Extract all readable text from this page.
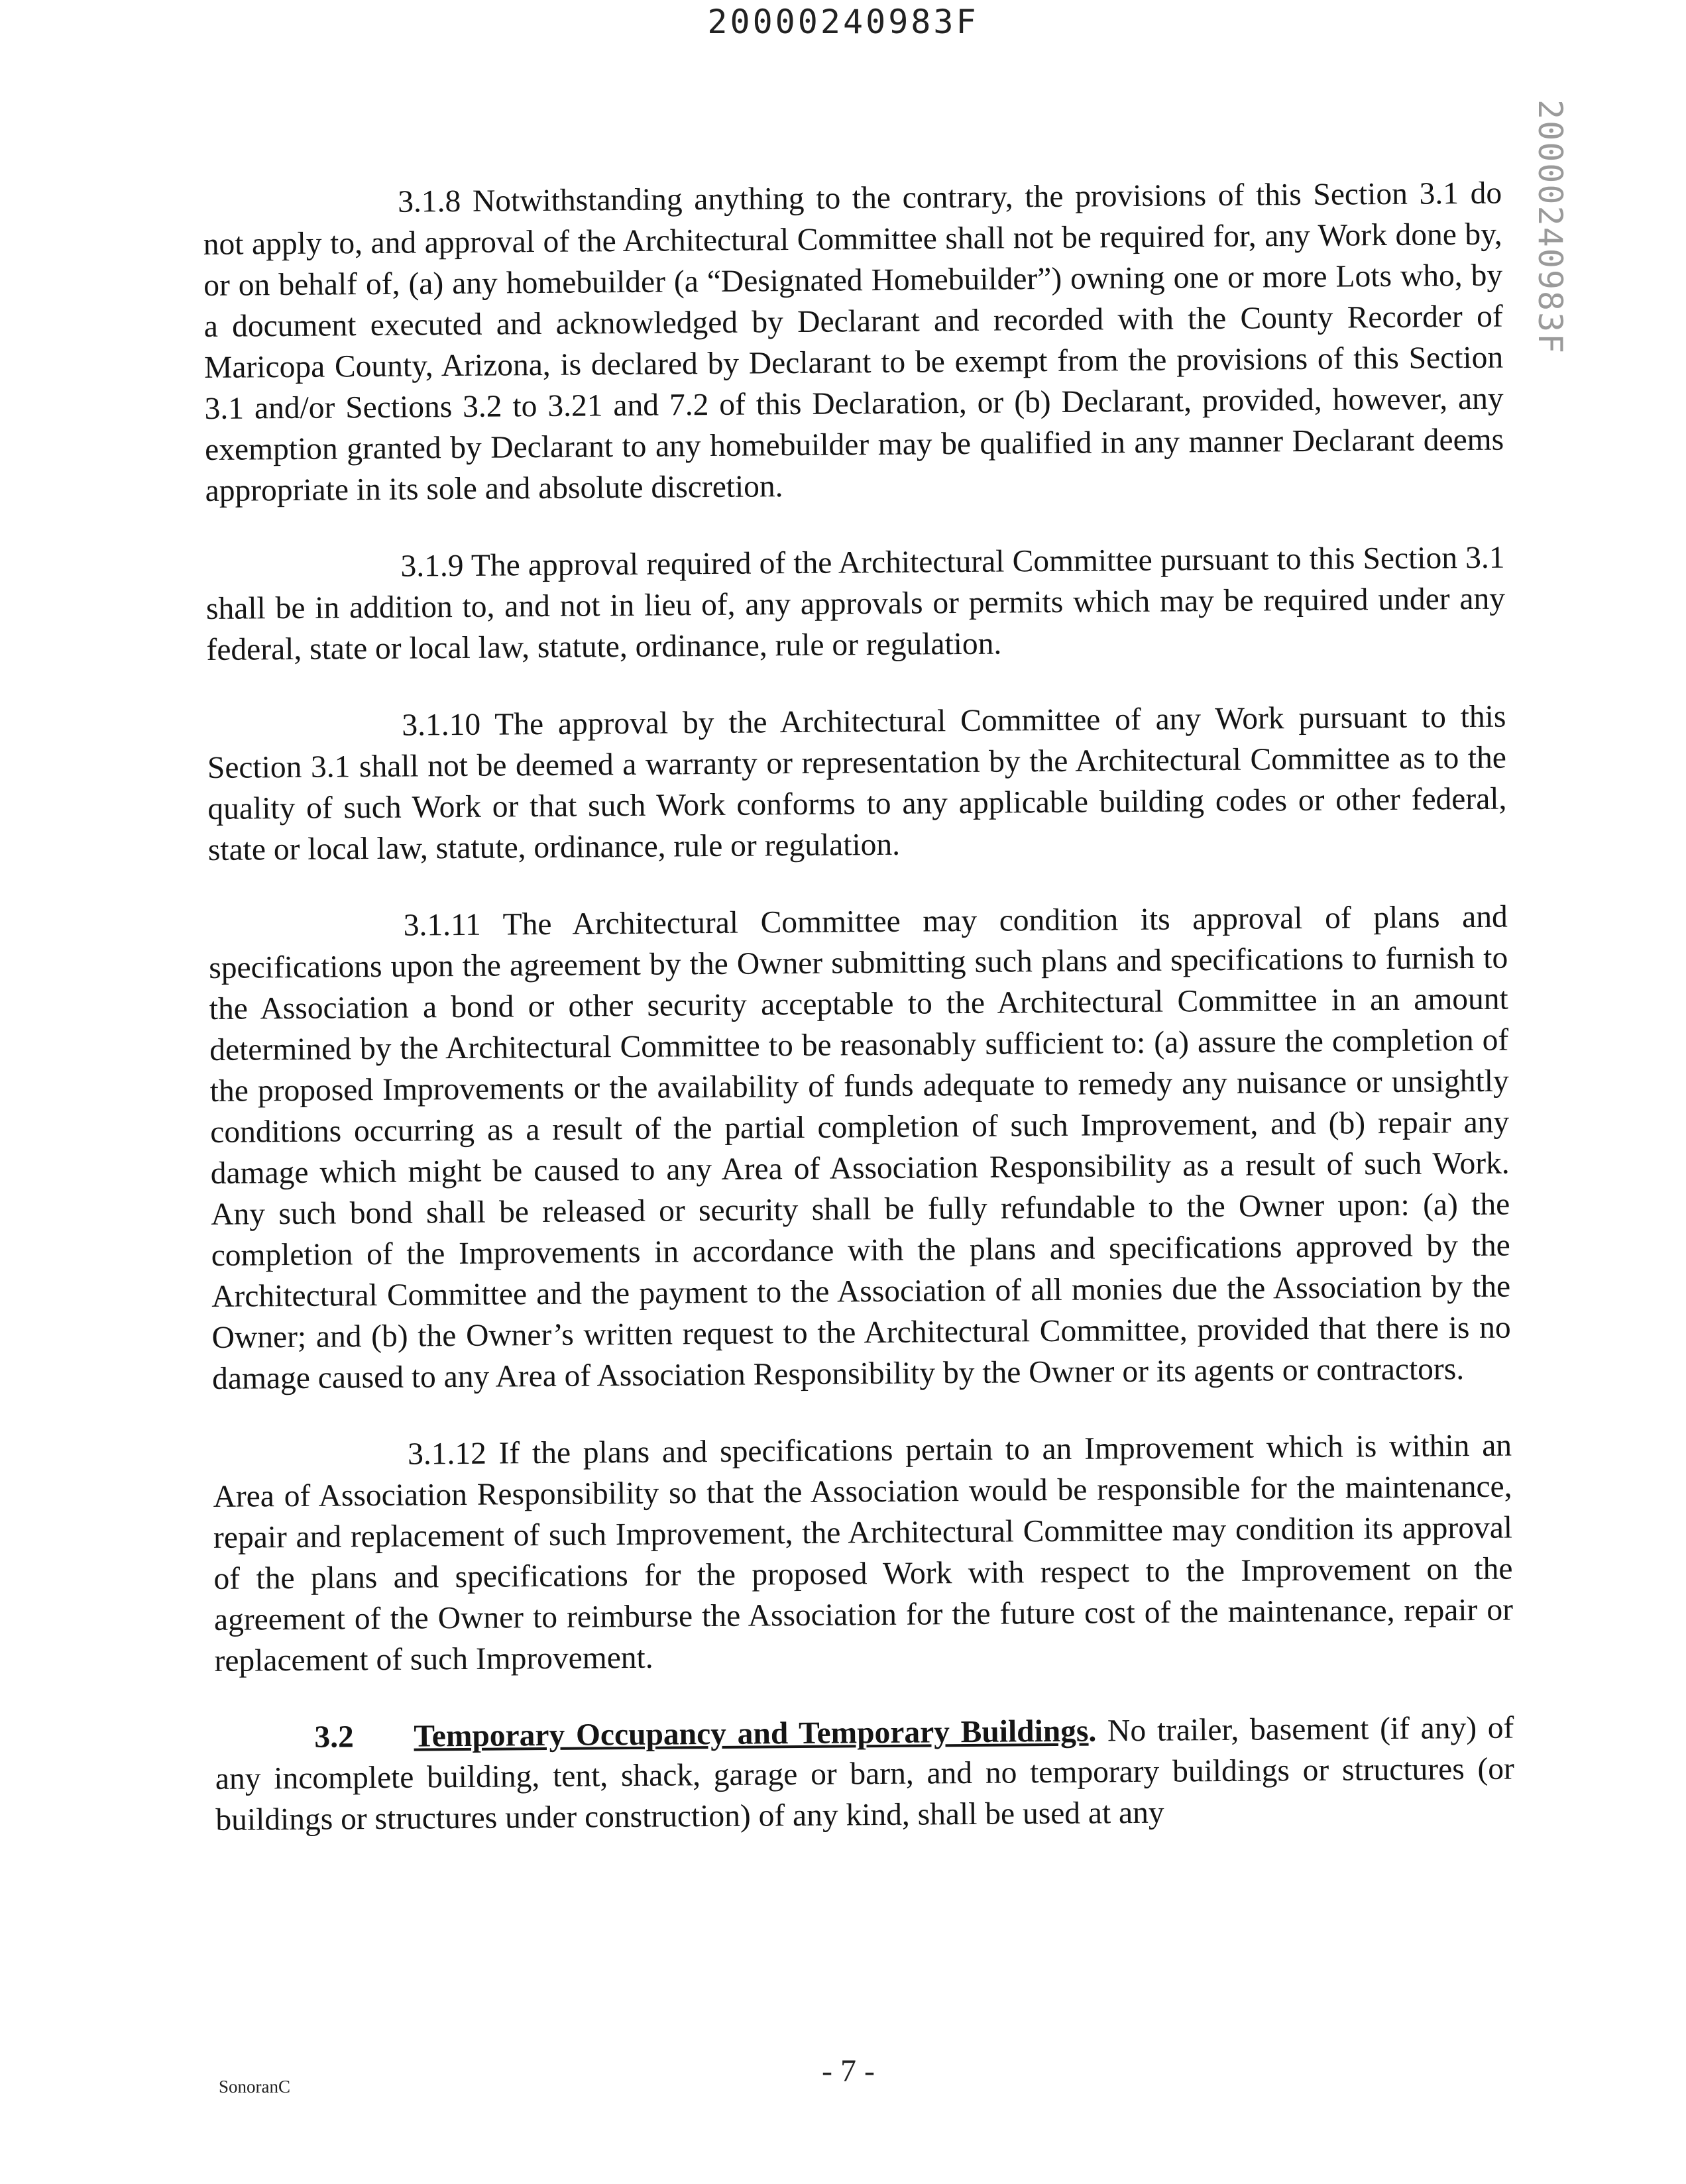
20000240983F
20000240983F

3.1.8 Notwithstanding anything to the contrary, the provisions of this Section 3.1 do not apply to, and approval of the Architectural Committee shall not be required for, any Work done by, or on behalf of, (a) any homebuilder (a “Designated Homebuilder”) owning one or more Lots who, by a document executed and acknowledged by Declarant and recorded with the County Recorder of Maricopa County, Arizona, is declared by Declarant to be exempt from the provisions of this Section 3.1 and/or Sections 3.2 to 3.21 and 7.2 of this Declaration, or (b) Declarant, provided, however, any exemption granted by Declarant to any homebuilder may be qualified in any manner Declarant deems appropriate in its sole and absolute discretion.

3.1.9 The approval required of the Architectural Committee pursuant to this Section 3.1 shall be in addition to, and not in lieu of, any approvals or permits which may be required under any federal, state or local law, statute, ordinance, rule or regulation.

3.1.10 The approval by the Architectural Committee of any Work pursuant to this Section 3.1 shall not be deemed a warranty or representation by the Architectural Committee as to the quality of such Work or that such Work conforms to any applicable building codes or other federal, state or local law, statute, ordinance, rule or regulation.

3.1.11 The Architectural Committee may condition its approval of plans and specifications upon the agreement by the Owner submitting such plans and specifications to furnish to the Association a bond or other security acceptable to the Architectural Committee in an amount determined by the Architectural Committee to be reasonably sufficient to: (a) assure the completion of the proposed Improvements or the availability of funds adequate to remedy any nuisance or unsightly conditions occurring as a result of the partial completion of such Improvement, and (b) repair any damage which might be caused to any Area of Association Responsibility as a result of such Work. Any such bond shall be released or security shall be fully refundable to the Owner upon: (a) the completion of the Improvements in accordance with the plans and specifications approved by the Architectural Committee and the payment to the Association of all monies due the Association by the Owner; and (b) the Owner’s written request to the Architectural Committee, provided that there is no damage caused to any Area of Association Responsibility by the Owner or its agents or contractors.

3.1.12 If the plans and specifications pertain to an Improvement which is within an Area of Association Responsibility so that the Association would be responsible for the maintenance, repair and replacement of such Improvement, the Architectural Committee may condition its approval of the plans and specifications for the proposed Work with respect to the Improvement on the agreement of the Owner to reimburse the Association for the future cost of the maintenance, repair or replacement of such Improvement.

3.2 Temporary Occupancy and Temporary Buildings. No trailer, basement (if any) of any incomplete building, tent, shack, garage or barn, and no temporary buildings or structures (or buildings or structures under construction) of any kind, shall be used at any

SonoranC	- 7 -
